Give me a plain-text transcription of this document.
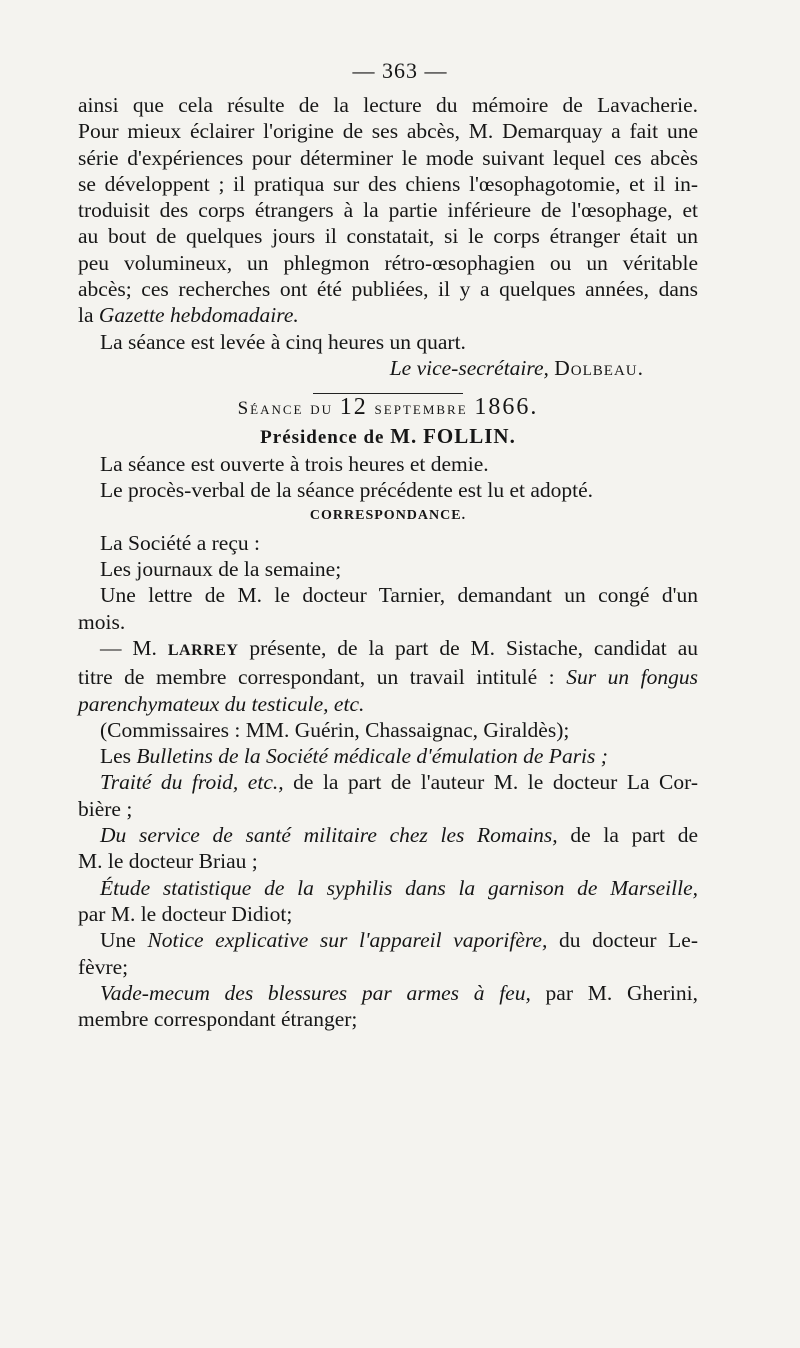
— 363 —
ainsi que cela résulte de la lecture du mémoire de Lavacherie.
Pour mieux éclairer l'origine de ses abcès, M. Demarquay a fait une
série d'expériences pour déterminer le mode suivant lequel ces abcès
se développent ; il pratiqua sur des chiens l'œsophagotomie, et il in-
troduisit des corps étrangers à la partie inférieure de l'œsophage, et
au bout de quelques jours il constatait, si le corps étranger était un
peu volumineux, un phlegmon rétro-œsophagien ou un véritable
abcès; ces recherches ont été publiées, il y a quelques années, dans
la Gazette hebdomadaire.

La séance est levée à cinq heures un quart.

Le vice-secrétaire, Dolbeau.

Séance du 12 septembre 1866.

Présidence de M. FOLLIN.

La séance est ouverte à trois heures et demie.

Le procès-verbal de la séance précédente est lu et adopté.

CORRESPONDANCE.

La Société a reçu :

Les journaux de la semaine;

Une lettre de M. le docteur Tarnier, demandant un congé d'un
mois.
— M. LARREY présente, de la part de M. Sistache, candidat au
titre de membre correspondant, un travail intitulé : Sur un fongus
parenchymateux du testicule, etc.

(Commissaires : MM. Guérin, Chassaignac, Giraldès);

Les Bulletins de la Société médicale d'émulation de Paris ;
Traité du froid, etc., de la part de l'auteur M. le docteur La Cor-
bière ;
Du service de santé militaire chez les Romains, de la part de
M. le docteur Briau ;
Étude statistique de la syphilis dans la garnison de Marseille,
par M. le docteur Didiot;
Une Notice explicative sur l'appareil vaporifère, du docteur Le-
fèvre;
Vade-mecum des blessures par armes à feu, par M. Gherini,
membre correspondant étranger;
